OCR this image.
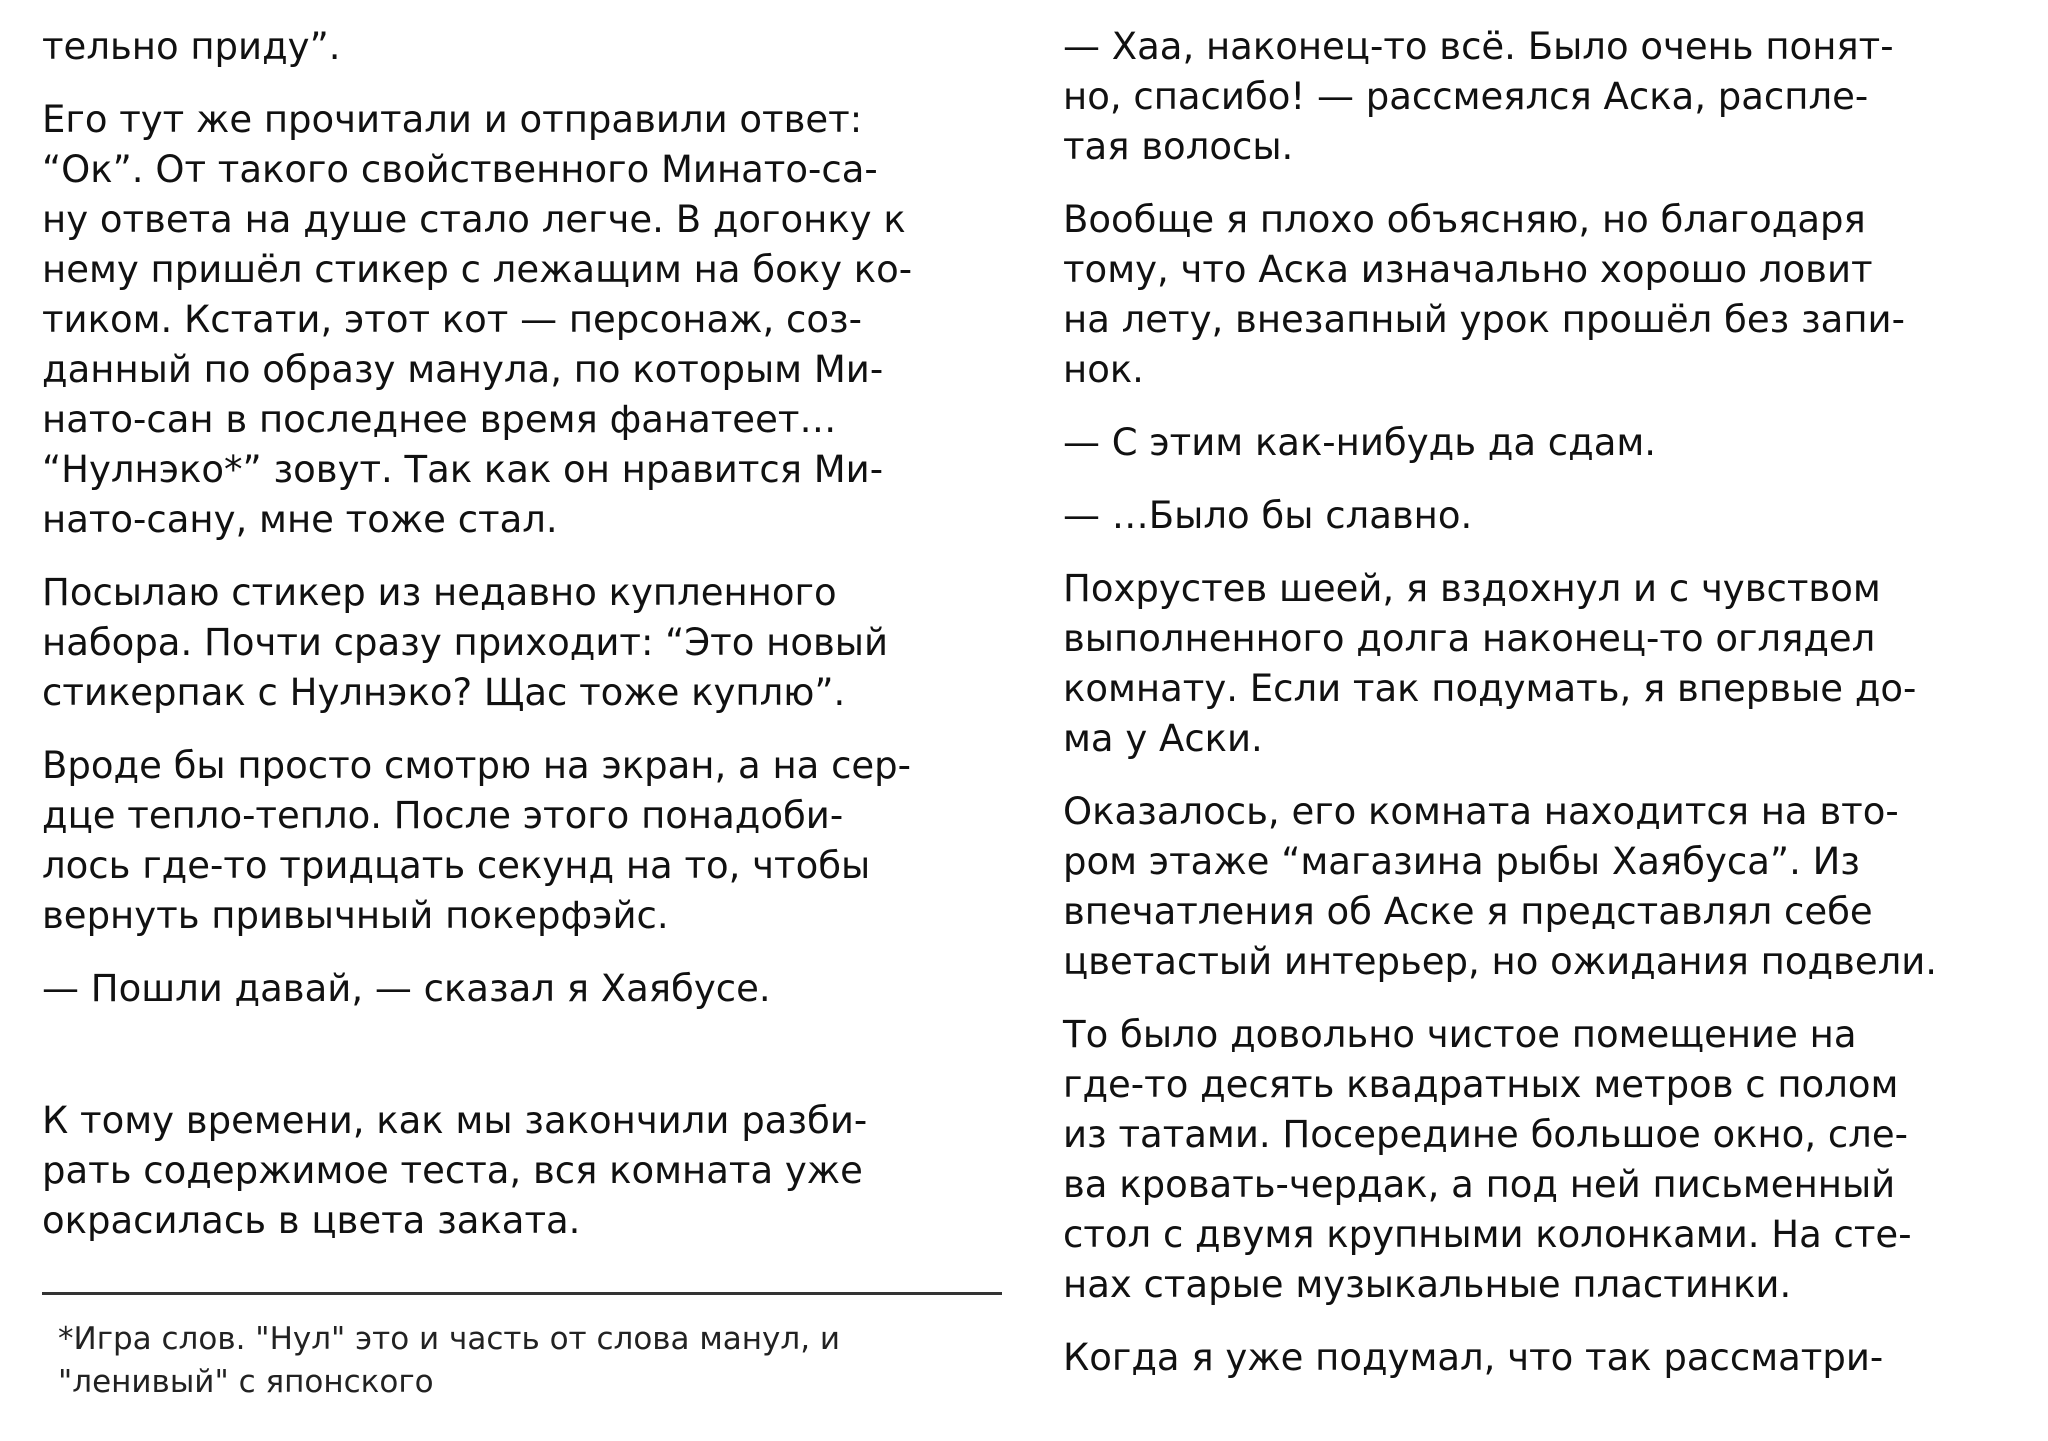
тельно приду”.

Его тут же прочитали и отправили ответ:
“Ок”. От такого свойственного Минато-са-
ну ответа на душе стало легче. В догонку к
нему пришёл стикер с лежащим на боку ко-
тиком. Кстати, этот кот — персонаж, соз-
данный по образу манула, по которым Ми-
нато-сан в последнее время фанатеет…
“Нулнэко*” зовут. Так как он нравится Ми-
нато-сану, мне тоже стал.

Посылаю стикер из недавно купленного
набора. Почти сразу приходит: “Это новый
стикерпак с Нулнэко? Щас тоже куплю”.

Вроде бы просто смотрю на экран, а на сер-
дце тепло-тепло. После этого понадоби-
лось где-то тридцать секунд на то, чтобы
вернуть привычный покерфэйс.

— Пошли давай, — сказал я Хаябусе.

К тому времени, как мы закончили разби-
рать содержимое теста, вся комната уже
окрасилась в цвета заката.

— Хаа, наконец-то всё. Было очень понят-
но, спасибо! — рассмеялся Аска, распле-
тая волосы.

Вообще я плохо объясняю, но благодаря
тому, что Аска изначально хорошо ловит
на лету, внезапный урок прошёл без запи-
нок.

— С этим как-нибудь да сдам.

— …Было бы славно.

Похрустев шеей, я вздохнул и с чувством
выполненного долга наконец-то оглядел
комнату. Если так подумать, я впервые до-
ма у Аски.

Оказалось, его комната находится на вто-
ром этаже “магазина рыбы Хаябуса”. Из
впечатления об Аске я представлял себе
цветастый интерьер, но ожидания подвели.

То было довольно чистое помещение на
где-то десять квадратных метров с полом
из татами. Посередине большое окно, сле-
ва кровать-чердак, а под ней письменный
стол с двумя крупными колонками. На сте-
нах старые музыкальные пластинки.

Когда я уже подумал, что так рассматри-

*Игра слов. "Нул" это и часть от слова манул, и
"ленивый" с японского
